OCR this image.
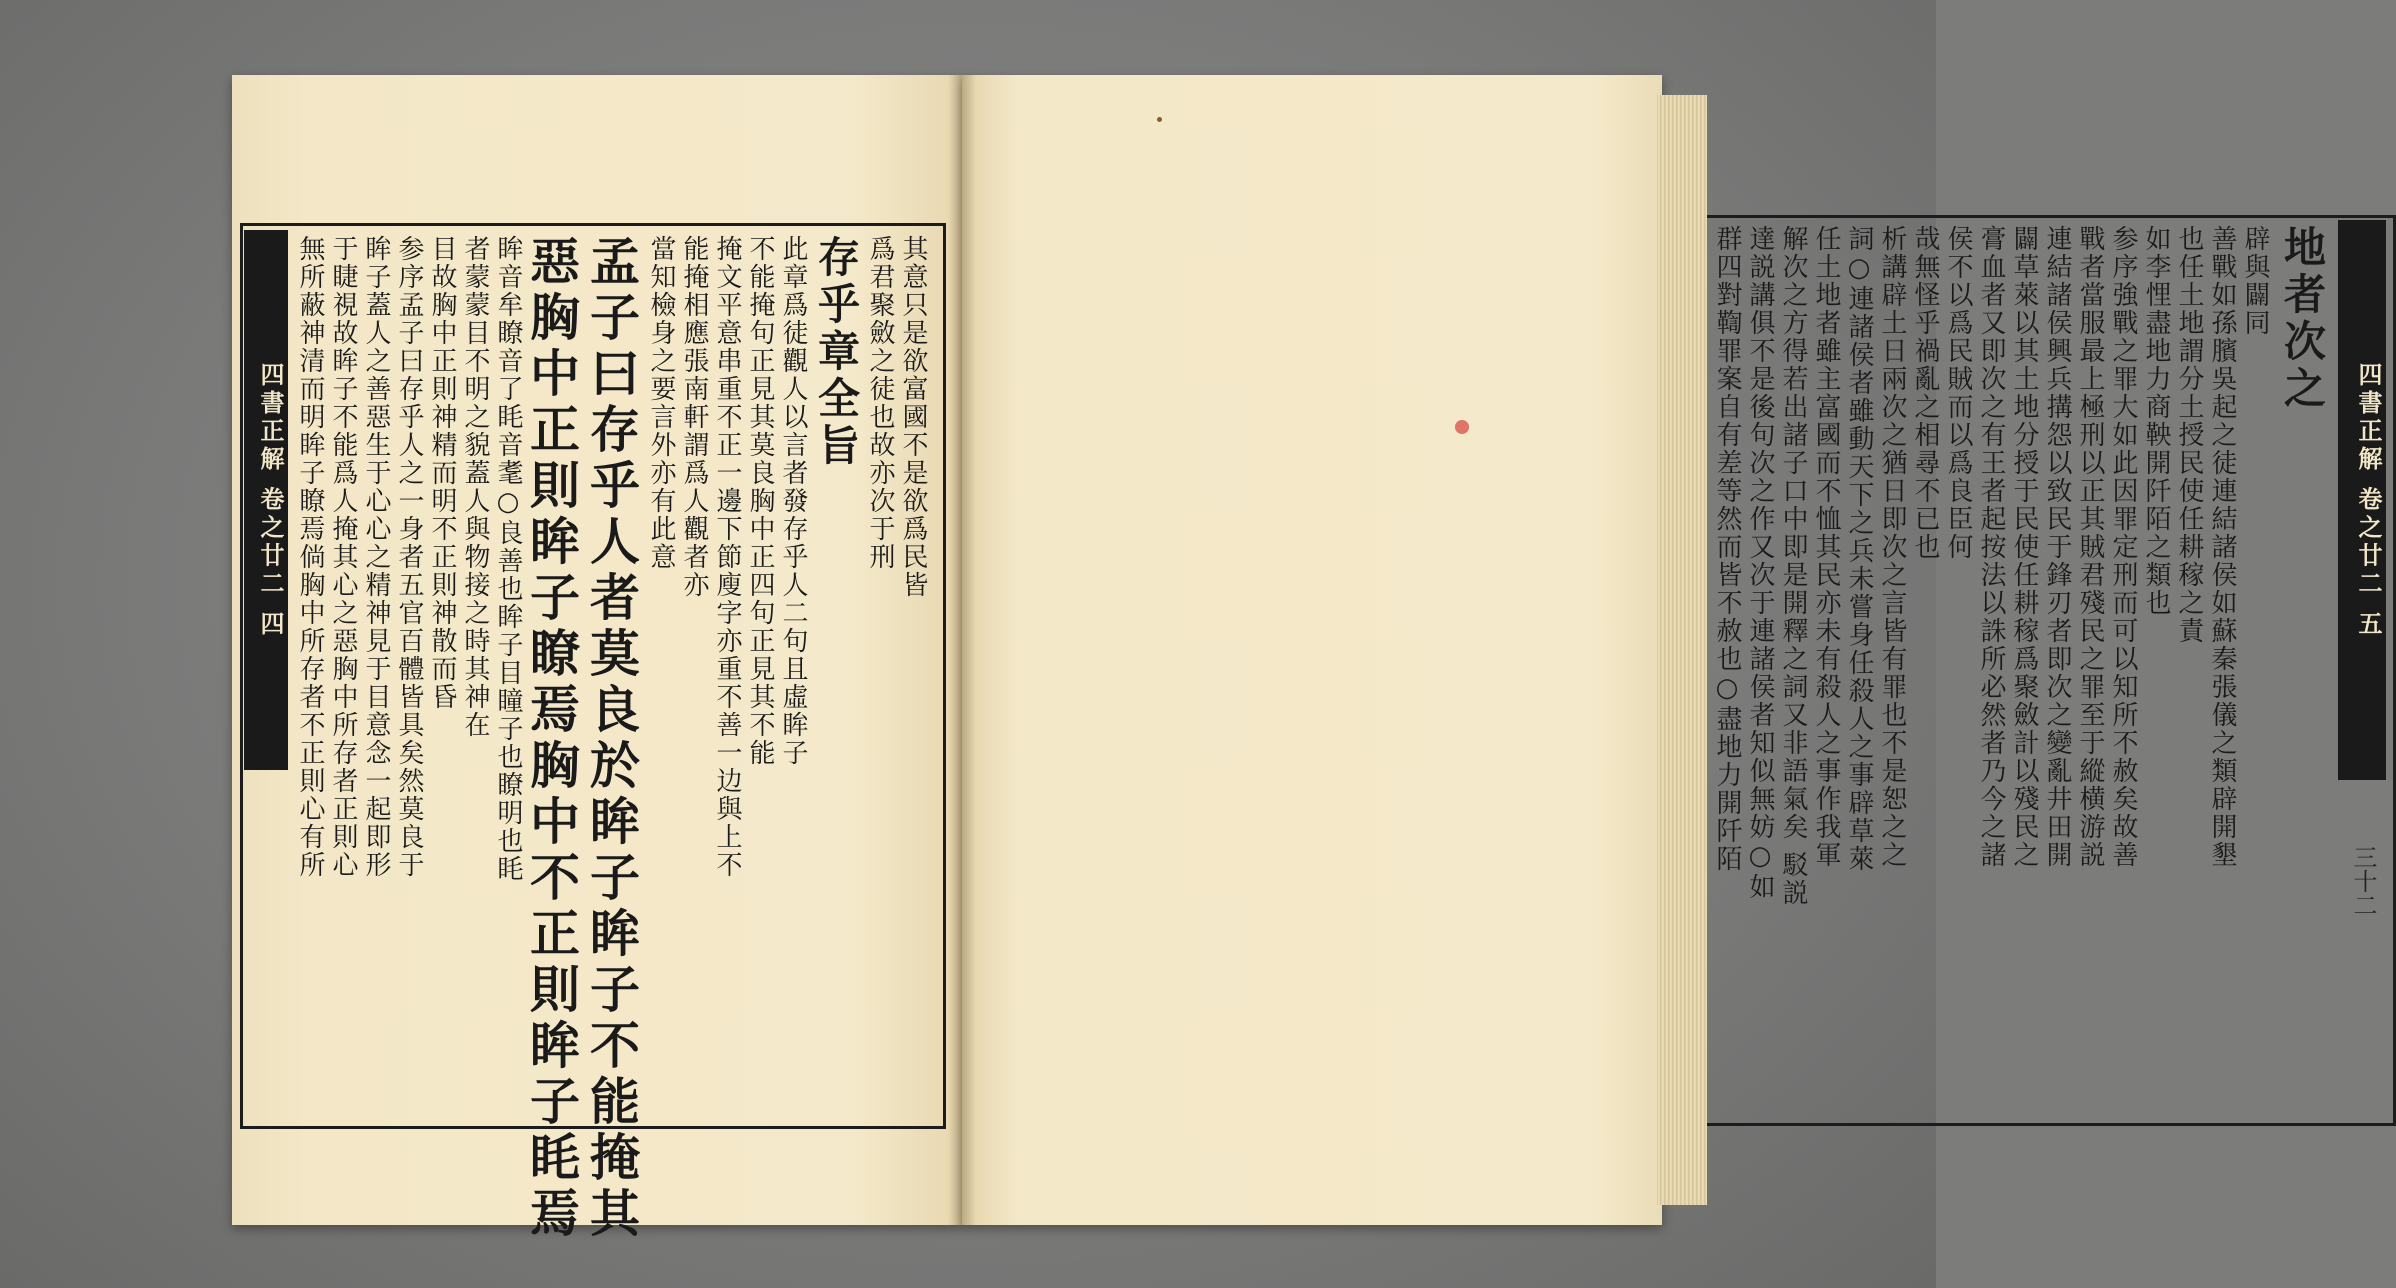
四書正解 卷之廿二 四	其意只是欲富國不是欲爲民皆
爲君聚斂之徒也故亦次于刑
存乎章全旨
此章爲徒觀人以言者發存乎人二句且虛眸子
不能掩句正見其莫良胸中正四句正見其不能
掩文平意串重不正一邊下節廋字亦重不善一边與上不
能掩相應張南軒謂爲人觀者亦
當知檢身之要言外亦有此意
孟子曰存乎人者莫良於眸子眸子不能掩其
惡胸中正則眸子瞭焉胸中不正則眸子眊焉
眸音牟瞭音了眊音耄○良善也眸子目瞳子也瞭明也眊
者蒙蒙目不明之貌蓋人與物接之時其神在
目故胸中正則神精而明不正則神散而昏
参序孟子曰存乎人之一身者五官百體皆具矣然莫良于
眸子蓋人之善惡生于心心之精神見于目意念一起即形
于睫視故眸子不能爲人掩其心之惡胸中所存者正則心
無所蔽神清而明眸子瞭焉倘胸中所存者不正則心有所	四書正解 卷之廿二 五
三十二
地者次之
辟與闢同
善戰如孫臏吳起之徒連結諸侯如蘇秦張儀之類辟開墾
也任土地謂分土授民使任耕稼之責
如李悝盡地力商鞅開阡陌之類也
参序強戰之罪大如此因罪定刑而可以知所不赦矣故善
戰者當服最上極刑以正其賊君殘民之罪至于縱横游説
連結諸侯興兵搆怨以致民于鋒刃者即次之變亂井田開
闢草萊以其土地分授于民使任耕稼爲聚斂計以殘民之
膏血者又即次之有王者起按法以誅所必然者乃今之諸
侯不以爲民賊而以爲良臣何
哉無怪乎禍亂之相尋不已也
析講辟土日兩次之猶日即次之言皆有罪也不是恕之之
詞○連諸侯者雖動天下之兵未嘗身任殺人之事辟草萊
任土地者雖主富國而不恤其民亦未有殺人之事作我軍
解次之方得若出諸子口中即是開釋之詞又非語氣矣 駁説
達説講俱不是後句次之作又次于連諸侯者知似無妨○如
群四對鞫罪案自有差等然而皆不赦也○盡地力開阡陌
